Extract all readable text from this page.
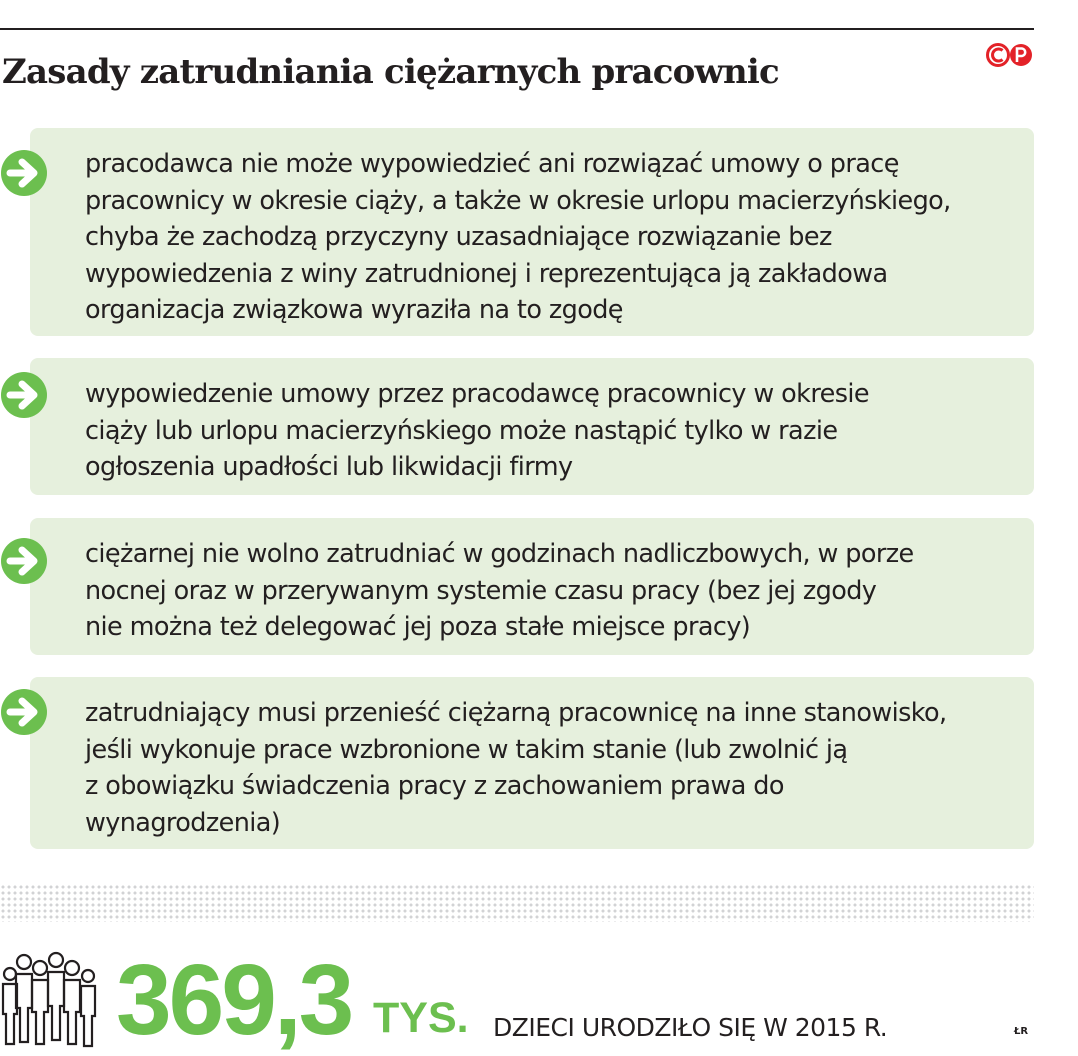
Zasady zatrudniania ciężarnych pracownic
pracodawca nie może wypowiedzieć ani rozwiązać umowy o pracę
pracownicy w okresie ciąży, a także w okresie urlopu macierzyńskiego,
chyba że zachodzą przyczyny uzasadniające rozwiązanie bez
wypowiedzenia z winy zatrudnionej i reprezentująca ją zakładowa
organizacja związkowa wyraziła na to zgodę
wypowiedzenie umowy przez pracodawcę pracownicy w okresie
ciąży lub urlopu macierzyńskiego może nastąpić tylko w razie
ogłoszenia upadłości lub likwidacji firmy
ciężarnej nie wolno zatrudniać w godzinach nadliczbowych, w porze
nocnej oraz w przerywanym systemie czasu pracy (bez jej zgody
nie można też delegować jej poza stałe miejsce pracy)
zatrudniający musi przenieść ciężarną pracownicę na inne stanowisko,
jeśli wykonuje prace wzbronione w takim stanie (lub zwolnić ją
z obowiązku świadczenia pracy z zachowaniem prawa do
wynagrodzenia)
369,3 TYS. DZIECI URODZIŁO SIĘ W 2015 R.	ŁR
